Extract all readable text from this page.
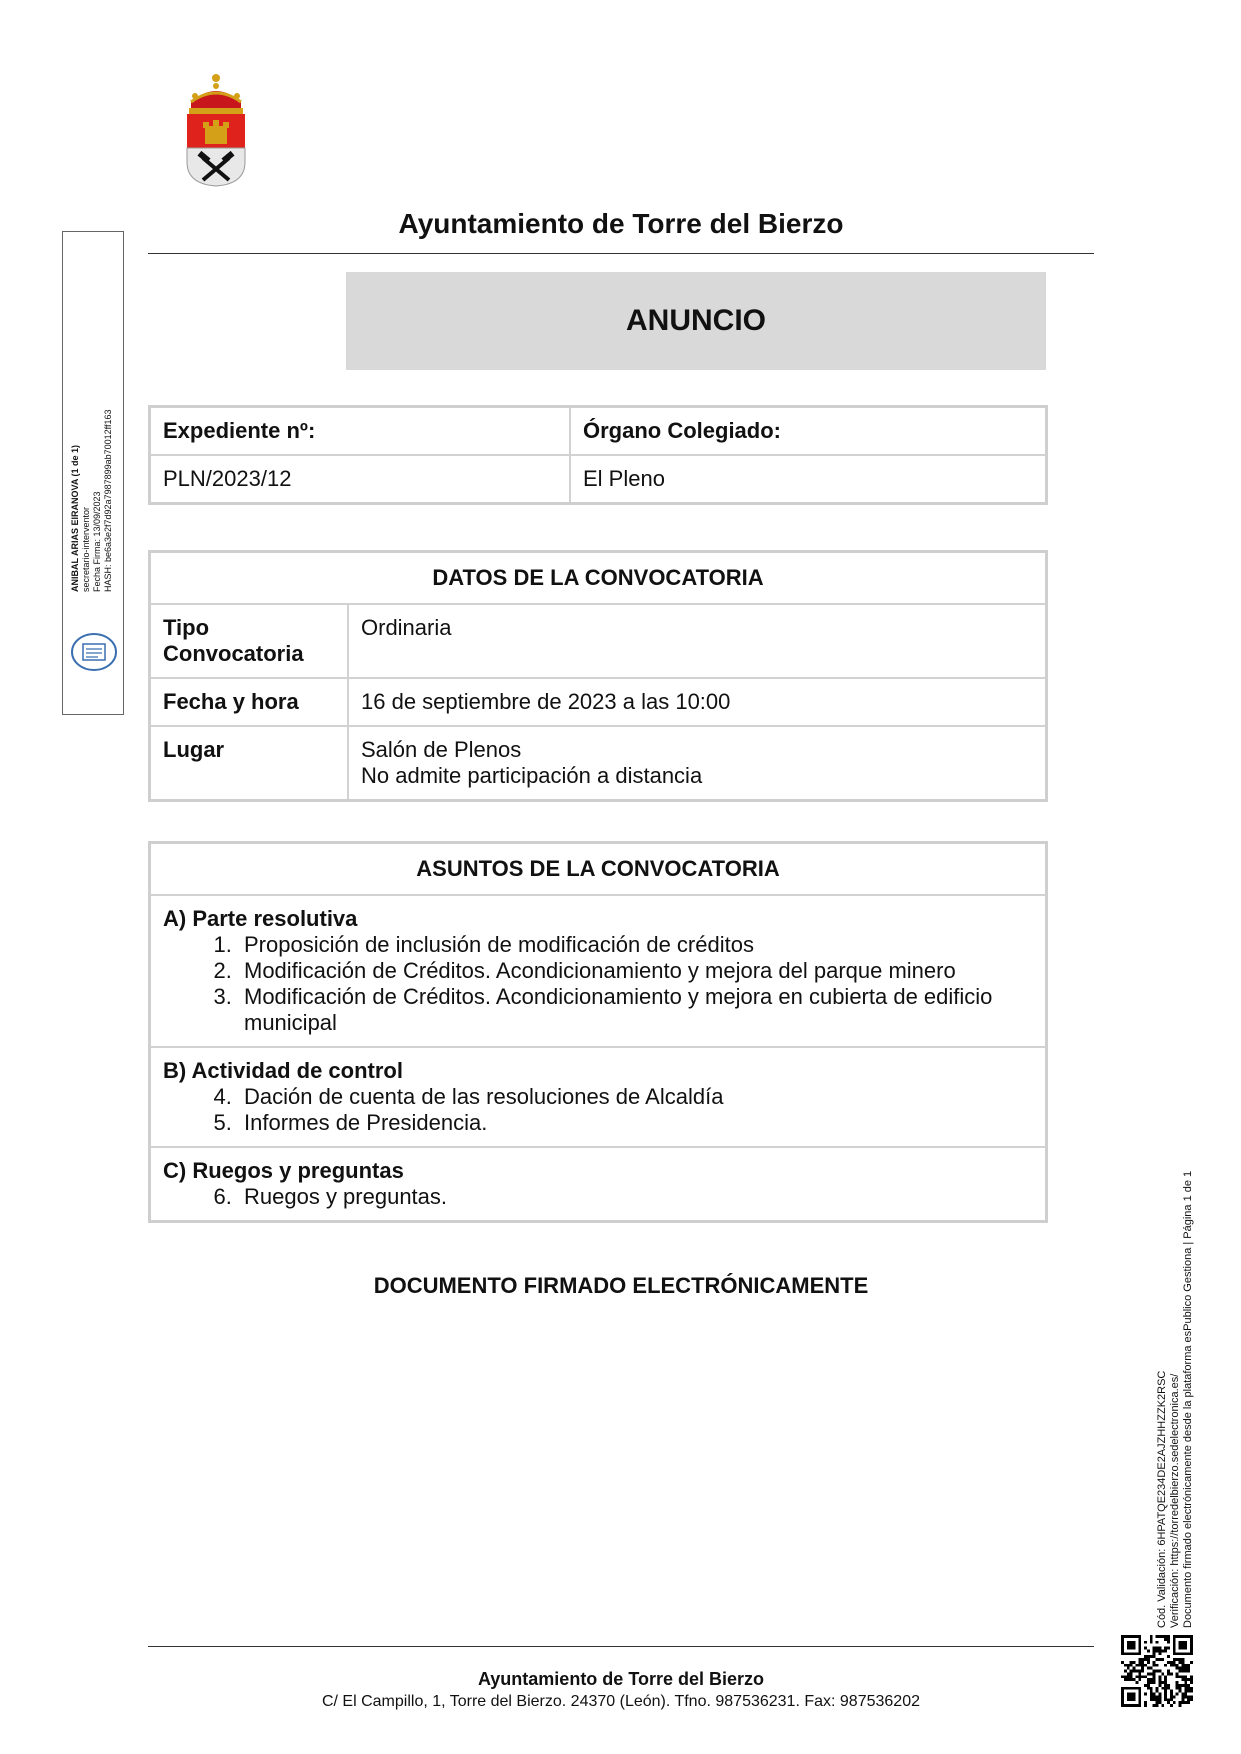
Ayuntamiento de Torre del Bierzo
ANUNCIO
Expediente nº:	Órgano Colegiado:
PLN/2023/12	El Pleno
DATOS DE LA CONVOCATORIA	
Tipo Convocatoria	Ordinaria
Fecha y hora	16 de septiembre de 2023 a las 10:00
Lugar	Salón de Plenos
No admite participación a distancia
ASUNTOS DE LA CONVOCATORIA

A) Parte resolutiva
1. Proposición de inclusión de modificación de créditos
2. Modificación de Créditos. Acondicionamiento y mejora del parque minero
3. Modificación de Créditos. Acondicionamiento y mejora en cubierta de edificio municipal

B) Actividad de control
4. Dación de cuenta de las resoluciones de Alcaldía
5. Informes de Presidencia.

C) Ruegos y preguntas
6. Ruegos y preguntas.
DOCUMENTO FIRMADO ELECTRÓNICAMENTE
Ayuntamiento de Torre del Bierzo
C/ El Campillo, 1, Torre del Bierzo. 24370 (León). Tfno. 987536231. Fax: 987536202
ANIBAL ARIAS EIRANOVA (1 de 1) secretario-interventor Fecha Firma: 13/09/2023 HASH: be6a3e2f7d92a7987899ab70012ff163
Cód. Validación: 6HPATQE234DE2AJZHHZZK2RSC Verificación: https://torredelbierzo.sedelectronica.es/ Documento firmado electrónicamente desde la plataforma esPublico Gestiona | Página 1 de 1
